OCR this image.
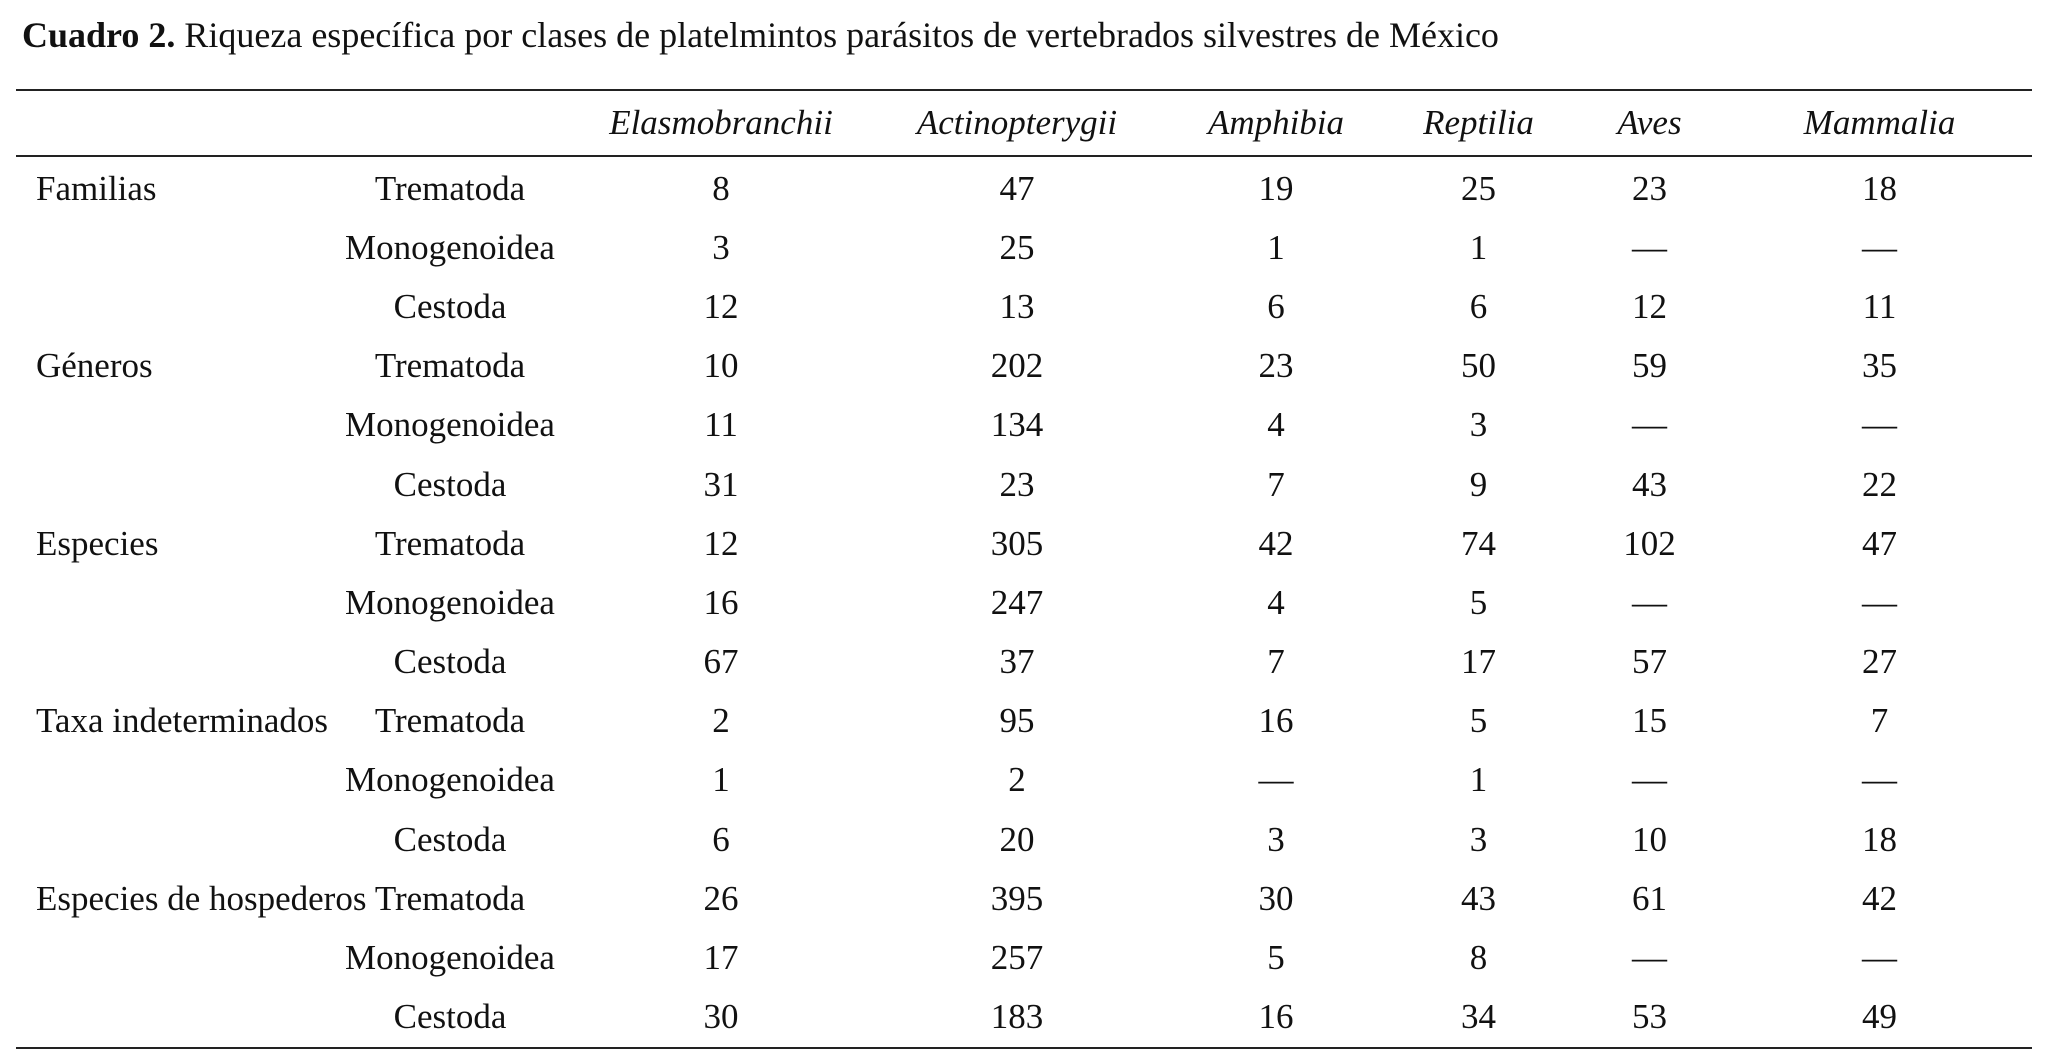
Cuadro 2. Riqueza específica por clases de platelmintos parásitos de vertebrados silvestres de México
		Elasmobranchii	Actinopterygii	Amphibia	Reptilia	Aves	Mammalia
Familias	Trematoda	8	47	19	25	23	18
	Monogenoidea	3	25	1	1	—	—
	Cestoda	12	13	6	6	12	11
Géneros	Trematoda	10	202	23	50	59	35
	Monogenoidea	11	134	4	3	—	—
	Cestoda	31	23	7	9	43	22
Especies	Trematoda	12	305	42	74	102	47
	Monogenoidea	16	247	4	5	—	—
	Cestoda	67	37	7	17	57	27
Taxa indeterminados	Trematoda	2	95	16	5	15	7
	Monogenoidea	1	2	—	1	—	—
	Cestoda	6	20	3	3	10	18
Especies de hospederos	Trematoda	26	395	30	43	61	42
	Monogenoidea	17	257	5	8	—	—
	Cestoda	30	183	16	34	53	49
